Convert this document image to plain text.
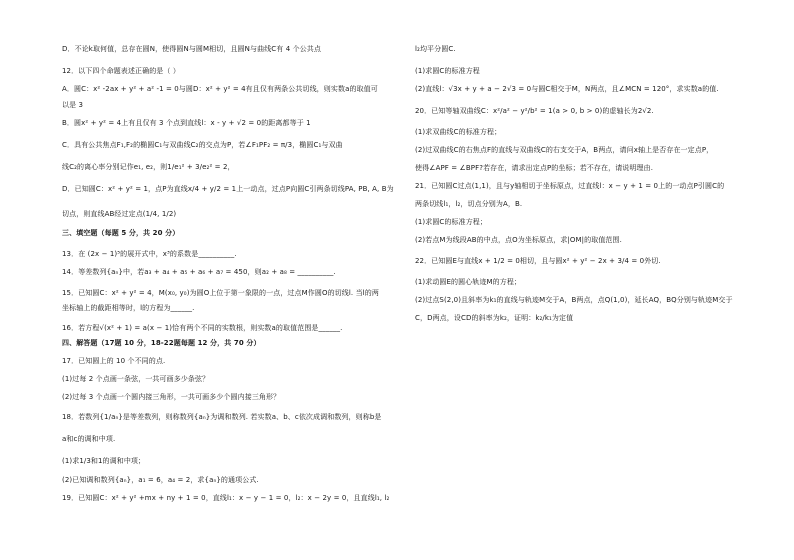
D．不论k取何值，总存在圆N，使得圆N与圆M相切，且圆N与曲线C有 4 个公共点
12．以下四个命题表述正确的是（ ）
A．圆C：x² -2ax + y² + a² -1 = 0与圆D：x² + y² = 4有且仅有两条公共切线，则实数a的取值可
以是 3
B．圆x² + y² = 4上有且仅有 3 个点到直线l：x - y + √2 = 0的距离都等于 1
C．具有公共焦点F₁,F₂的椭圆C₁与双曲线C₂的交点为P，若∠F₁PF₂ = π/3，椭圆C₁与双曲
线C₂的离心率分别记作e₁, e₂，则1/e₁² + 3/e₂² = 2，
D．已知圆C：x² + y² = 1，点P为直线x/4 + y/2 = 1上一动点，过点P向圆C引两条切线PA, PB, A, B为
切点，则直线AB经过定点(1/4, 1/2)
三、填空题（每题 5 分，共 20 分）
13．在 (2x − 1)⁵的展开式中，x³的系数是__________.
14．等差数列{aₙ}中，若a₃ + a₄ + a₅ + a₆ + a₇ = 450，则a₂ + a₈ = __________.
15．已知圆C：x² + y² = 4，M(x₀, y₀)为圆O上位于第一象限的一点，过点M作圆O的切线l. 当l的两
坐标轴上的截距相等时，l的方程为______.
16．若方程√(x² + 1) = a(x − 1)恰有两个不同的实数根，则实数a的取值范围是______.
四、解答题（17题 10 分，18-22题每题 12 分，共 70 分）
17．已知圆上的 10 个不同的点.
(1)过每 2 个点画一条弦，一共可画多少条弦？
(2)过每 3 个点画一个圆内接三角形，一共可画多少个圆内接三角形？
18．若数列{1/aₙ}是等差数列，则称数列{aₙ}为调和数列. 若实数a、b、c依次成调和数列，则称b是
a和c的调和中项.
(1)求1/3和1的调和中项；
(2)已知调和数列{aₙ}，a₁ = 6，a₄ = 2，求{aₙ}的通项公式.
19．已知圆C：x² + y² +mx + ny + 1 = 0，直线l₁：x − y − 1 = 0，l₂：x − 2y = 0，且直线l₁, l₂
l₂均平分圆C.
(1)求圆C的标准方程
(2)直线l：√3x + y + a − 2√3 = 0与圆C相交于M，N两点，且∠MCN = 120°，求实数a的值.
20．已知等轴双曲线C：x²/a² − y²/b² = 1(a > 0, b > 0)的虚轴长为2√2.
(1)求双曲线C的标准方程；
(2)过双曲线C的右焦点F的直线与双曲线C的右支交于A，B两点，请问x轴上是否存在一定点P，
使得∠APF = ∠BPF?若存在，请求出定点P的坐标；若不存在，请说明理由.
21．已知圆C过点(1,1)，且与y轴相切于坐标原点，过直线l：x − y + 1 = 0上的一动点P引圆C的
两条切线l₁，l₂，切点分别为A，B.
(1)求圆C的标准方程；
(2)若点M为线段AB的中点，点O为坐标原点，求|OM|的取值范围.
22．已知圆E与直线x + 1/2 = 0相切，且与圆x² + y² − 2x + 3/4 = 0外切.
(1)求动圆E的圆心轨迹M的方程；
(2)过点S(2,0)且斜率为k₁的直线与轨迹M交于A，B两点，点Q(1,0)，延长AQ，BQ分别与轨迹M交于
C，D两点，设CD的斜率为k₂，证明：k₂/k₁为定值
